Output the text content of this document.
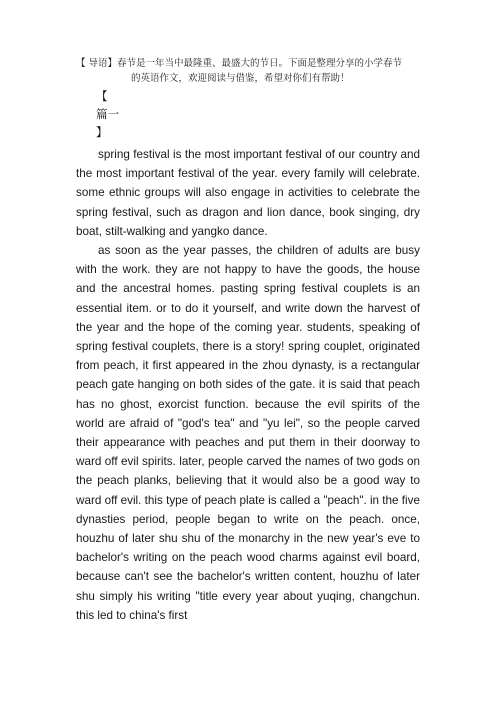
【 导语】春节是一年当中最隆重、最盛大的节日。下面是整理分享的小学春节
的英语作文，欢迎阅读与借鉴，希望对你们有帮助！
【
篇一
】

spring festival is the most important festival of our country and the most important festival of the year. every family will celebrate. some ethnic groups will also engage in activities to celebrate the spring festival, such as dragon and lion dance, book singing, dry boat, stilt-walking and yangko dance.

as soon as the year passes, the children of adults are busy with the work. they are not happy to have the goods, the house and the ancestral homes. pasting spring festival couplets is an essential item. or to do it yourself, and write down the harvest of the year and the hope of the coming year. students, speaking of spring festival couplets, there is a story! spring couplet, originated from peach, it first appeared in the zhou dynasty, is a rectangular peach gate hanging on both sides of the gate. it is said that peach has no ghost, exorcist function. because the evil spirits of the world are afraid of "god's tea" and "yu lei", so the people carved their appearance with peaches and put them in their doorway to ward off evil spirits. later, people carved the names of two gods on the peach planks, believing that it would also be a good way to ward off evil. this type of peach plate is called a "peach". in the five dynasties period, people began to write on the peach. once, houzhu of later shu shu of the monarchy in the new year's eve to bachelor's writing on the peach wood charms against evil board, because can't see the bachelor's written content, houzhu of later shu simply his writing "title every year about yuqing, changchun. this led to china's first
